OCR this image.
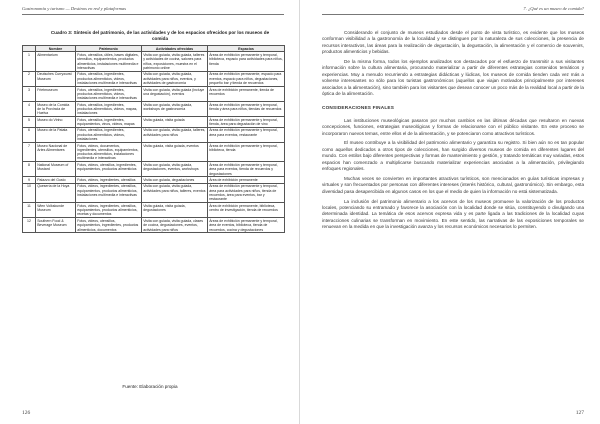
Gastronomía y turismo — Destinos en red y plataformas
Cuadro 3: Síntesis del patrimonio, de las actividades y de los espacios ofrecidos por los museos de comida
	Nombre	Patrimonio	Actividades ofrecidas	Espacios
1	Alimentarium	Fotos, utensilios, útiles, bases digitales, utensilios, equipamientos, productos alimenticios, instalaciones multimedia e interactivas	Visita con guiada, visita guiada, talleres y actividades de cocina, salones para niños, exposiciones, muestra en el patrimonio online	Áreas de exhibición permanente y temporal, biblioteca, espacio para actividades para niños, tienda
2	Deutsches Currywurst Museum	Fotos, utensilios, ingredientes, productos alimenticios, videos, instalaciones multimedia e interactivas	Visita con guiada, visita guiada, actividades para niños, eventos, y actividades de gastronomía	Áreas de exhibición permanente, espacio para eventos, espacio para niños, degustaciones, pequeño bar y tienda de recuerdos
3	Frietmuseum	Fotos, utensilios, ingredientes, productos alimenticios, videos, instalaciones multimedia e interactivas	Visita con guiada, visita guiada (incluye una degustación), eventos	Área de exhibición permanente, tienda de recuerdos
4	Museo de la Comida de la Provincia de Huelva	Fotos, utensilios, ingredientes, productos alimenticios, videos, mapas, instalaciones	Visita con guiada, visita guiada, workshops de gastronomía	Áreas de exhibición permanente y temporal, tienda y área para niños, tiendas de recuerdos
5	Museo do Vinho	Fotos, utensilios, ingredientes, equipamientos, vinos, videos, mapas	Visita guiada, visita guiada	Áreas de exhibición permanente y temporal, tienda, área para degustación de vino
6	Museo de la Patata	Fotos, utensilios, ingredientes, productos alimenticios, videos, instalaciones	Visita con guiada, visita guiada, talleres, actividades para niños	Áreas de exhibición permanente y temporal, área para eventos, restaurante
7	Museo Nacional de Artes Alimentares	Fotos, videos, documentos, ingredientes, utensilios, equipamientos, productos alimenticios, instalaciones multimedia e interactivas	Visita guiada, visita guiada, eventos	Áreas de exhibición permanente y temporal, biblioteca, tienda
8	National Museum of Mustard	Fotos, videos, utensilios, ingredientes, equipamientos, productos alimenticios	Visita con guiada, visita guiada, degustaciones, eventos, workshops	Áreas de exhibición permanente y temporal, área para eventos, tienda de recuerdos y degustaciones
9	Palazzo del Gusto	Fotos, videos, ingredientes, utensilios	Visita con guiada, degustaciones	Área de exhibición permanente
10	Quesería de la Hoya	Fotos, videos, ingredientes, utensilios, equipamientos, productos alimenticios, instalaciones multimedia e interactivas	Visita con guiada, visita guiada, actividades para niños, talleres, eventos	Áreas de exhibición permanente y temporal, área para actividades para niños, tienda de recuerdos, área para eventos, bar y restaurante
11	Wien Volkskunde Museum	Fotos, videos, ingredientes, utensilios, equipamientos, productos alimenticios, recetas y documentos	Visita guiada, visita guiada, degustaciones	Área de exhibición permanente, biblioteca, centro de investigación, tienda de recuerdos
12	Southern Food & Beverage Museum	Fotos, videos, utensilios, equipamientos, ingredientes, productos alimenticios, documentos	Visita con guiada, visita guiada, clases de cocina, degustaciones, eventos, actividades para niños	Áreas de exhibición permanente y temporal, área de eventos, biblioteca, tienda de recuerdos, cocina y degustaciones
Fuente: Elaboración propia
126
7. ¿Qué es un museo de comida?

Considerando el conjunto de museos estudiados desde el punto de vista turístico, es evidente que los museos conforman visibilidad a la gastronomía de la localidad y se distinguen por la naturaleza de sus colecciones, la presencia de recursos interactivos, las áreas para la realización de degustación, la degustación, la alimentación y el comercio de souvenirs, productos alimenticios y bebidas.

De la misma forma, todos los ejemplos analizados son destacados por el esfuerzo de transmitir a sus visitantes información sobre la cultura alimentaria, procurando materializar a partir de diferentes estrategias contenidos temáticos y experiencias. Muy a menudo recurriendo a estrategias didácticas y lúdicas, los museos de comida tienden cada vez más a volverse interesantes no sólo para los turistas gastronómicos (aquellos que viajan motivados principalmente por intereses asociados a la alimentación), sino también para los visitantes que desean conocer un poco más de la realidad local a partir de la óptica de la alimentación.

CONSIDERACIONES FINALES

Las instituciones museológicas pasaron por muchos cambios en las últimas décadas que resultaron en nuevas concepciones, funciones, estrategias museológicas y formas de relacionarse con el público visitante. En este proceso se incorporaron nuevos temas, entre ellos el de la alimentación, y se potenciaron como atractivos turísticos.

El museo contribuye a la visibilidad del patrimonio alimentario y garantiza su registro. Si bien aún no es tan popular como aquellos dedicados a otros tipos de colecciones, han surgido diversos museos de comida en diferentes lugares del mundo. Con estilos bajo diferentes perspectivas y formas de mantenimiento y gestión, y tratando temáticas muy variadas, estos espacios han comenzado a multiplicarse buscando materializar experiencias asociadas a la alimentación, privilegiando enfoques regionales.

Muchas veces se convierten en importantes atractivos turísticos, son mencionados en guías turísticas impresas y virtuales y son frecuentados por personas con diferentes intereses (interés histórico, cultural, gastronómico). Sin embargo, esta diversidad pasa desapercibida en algunos casos en los que el medio de quien la información no está sistematizada.

La inclusión del patrimonio alimentario a los acervos de los museos promueve la valorización de los productos locales, potenciando su entramado y favorece la asociación con la localidad donde se sitúa, constituyendo o divulgando una determinada identidad. La temática de esos acervos expresa vida y es parte ligada a las tradiciones de la localidad cuyas interacciones culinarias se transforman en movimiento. En este sentido, las narrativas de las exposiciones temporales se renuevan en la medida en que la investigación avanza y los recursos económicos necesarios lo permiten.

127
